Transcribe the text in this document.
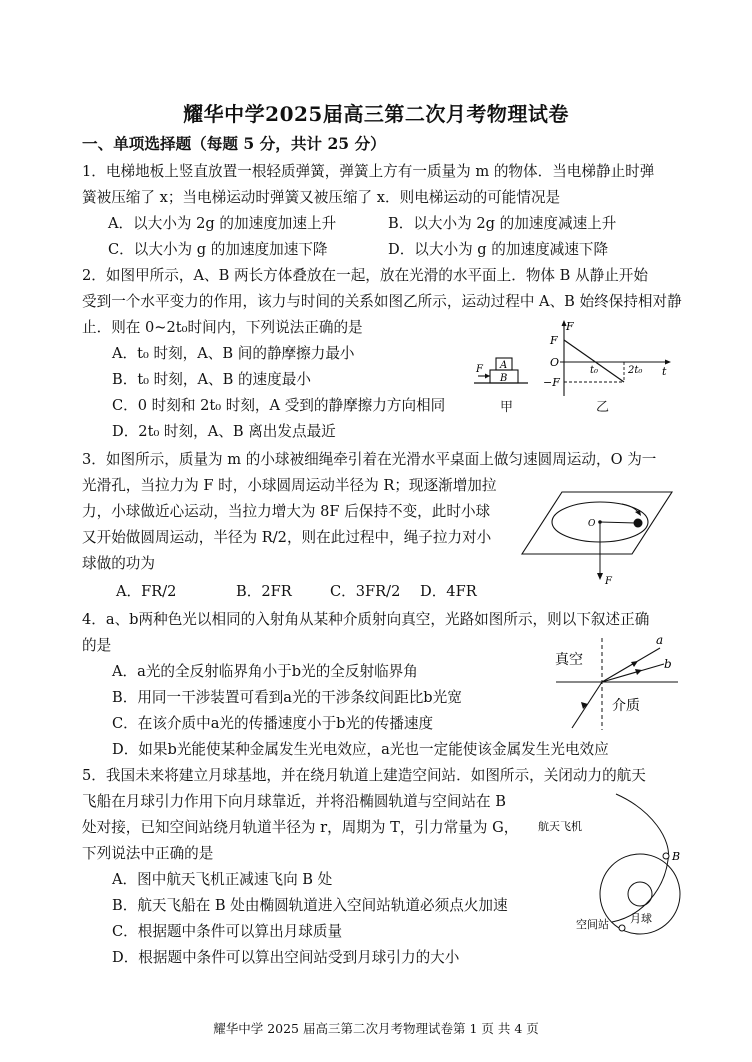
耀华中学2025届高三第二次月考物理试卷
一、单项选择题（每题 5 分，共计 25 分）
1．电梯地板上竖直放置一根轻质弹簧，弹簧上方有一质量为 m 的物体．当电梯静止时弹
簧被压缩了 x；当电梯运动时弹簧又被压缩了 x．则电梯运动的可能情况是
A．以大小为 2g 的加速度加速上升	B．以大小为 2g 的加速度减速上升
C．以大小为 g 的加速度加速下降	D．以大小为 g 的加速度减速下降
2．如图甲所示，A、B 两长方体叠放在一起，放在光滑的水平面上．物体 B 从静止开始
受到一个水平变力的作用，该力与时间的关系如图乙所示，运动过程中 A、B 始终保持相对静
止．则在 0~2t₀时间内，下列说法正确的是
A．t₀ 时刻，A、B 间的静摩擦力最小
B．t₀ 时刻，A、B 的速度最小
C．0 时刻和 2t₀ 时刻，A 受到的静摩擦力方向相同
D．2t₀ 时刻，A、B 离出发点最近
A
B
F
甲
F
F
O
−F
t₀	2t₀ t
乙
3．如图所示，质量为 m 的小球被细绳牵引着在光滑水平桌面上做匀速圆周运动，O 为一
光滑孔，当拉力为 F 时，小球圆周运动半径为 R；现逐渐增加拉
力，小球做近心运动，当拉力增大为 8F 后保持不变，此时小球
又开始做圆周运动，半径为 R/2，则在此过程中，绳子拉力对小
球做的功为
A．FR/2	B．2FR	C．3FR/2 D．4FR
O
F
4．a、b两种色光以相同的入射角从某种介质射向真空，光路如图所示，则以下叙述正确
的是
A．a光的全反射临界角小于b光的全反射临界角
B．用同一干涉装置可看到a光的干涉条纹间距比b光宽
C．在该介质中a光的传播速度小于b光的传播速度
D．如果b光能使某种金属发生光电效应，a光也一定能使该金属发生光电效应
真空
介质
a
b
5．我国未来将建立月球基地，并在绕月轨道上建造空间站．如图所示，关闭动力的航天
飞船在月球引力作用下向月球靠近，并将沿椭圆轨道与空间站在 B
处对接，已知空间站绕月轨道半径为 r，周期为 T，引力常量为 G，
下列说法中正确的是
A．图中航天飞机正减速飞向 B 处
B．航天飞船在 B 处由椭圆轨道进入空间站轨道必须点火加速
C．根据题中条件可以算出月球质量
D．根据题中条件可以算出空间站受到月球引力的大小
航天飞机
B
空间站 月球
耀华中学 2025 届高三第二次月考物理试卷第 1 页 共 4 页
